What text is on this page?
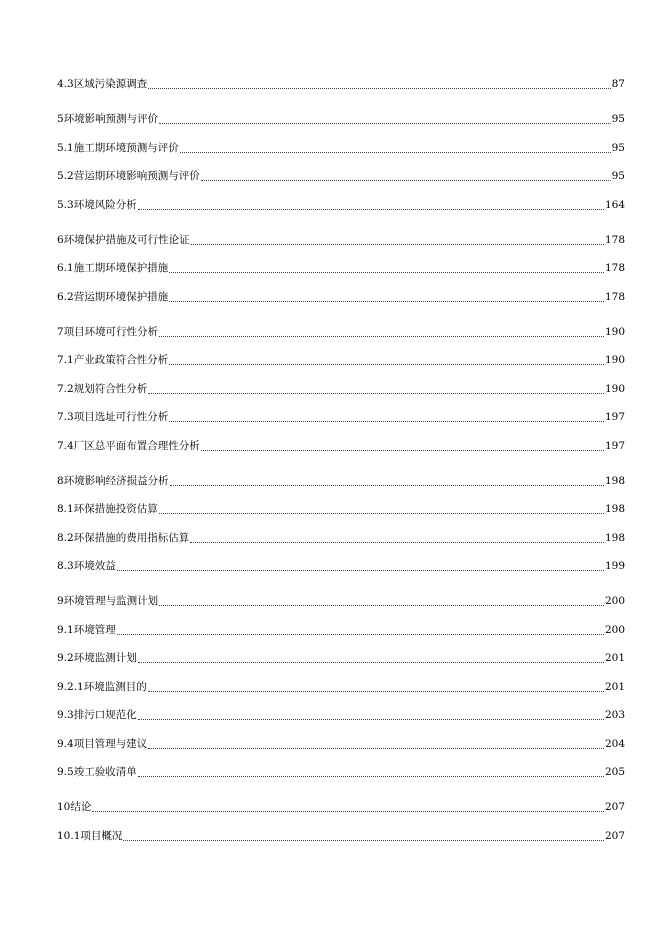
4.3 区域污染源调查	87
5 环境影响预测与评价	95
5.1 施工期环境预测与评价	95
5.2 营运期环境影响预测与评价	95
5.3 环境风险分析	164
6 环境保护措施及可行性论证	178
6.1 施工期环境保护措施	178
6.2 营运期环境保护措施	178
7 项目环境可行性分析	190
7.1 产业政策符合性分析	190
7.2 规划符合性分析	190
7.3 项目选址可行性分析	197
7.4 厂区总平面布置合理性分析	197
8 环境影响经济损益分析	198
8.1 环保措施投资估算	198
8.2 环保措施的费用指标估算	198
8.3 环境效益	199
9 环境管理与监测计划	200
9.1 环境管理	200
9.2 环境监测计划	201
9.2.1 环境监测目的	201
9.3 排污口规范化	203
9.4 项目管理与建议	204
9.5 竣工验收清单	205
10 结论	207
10.1 项目概况	207
